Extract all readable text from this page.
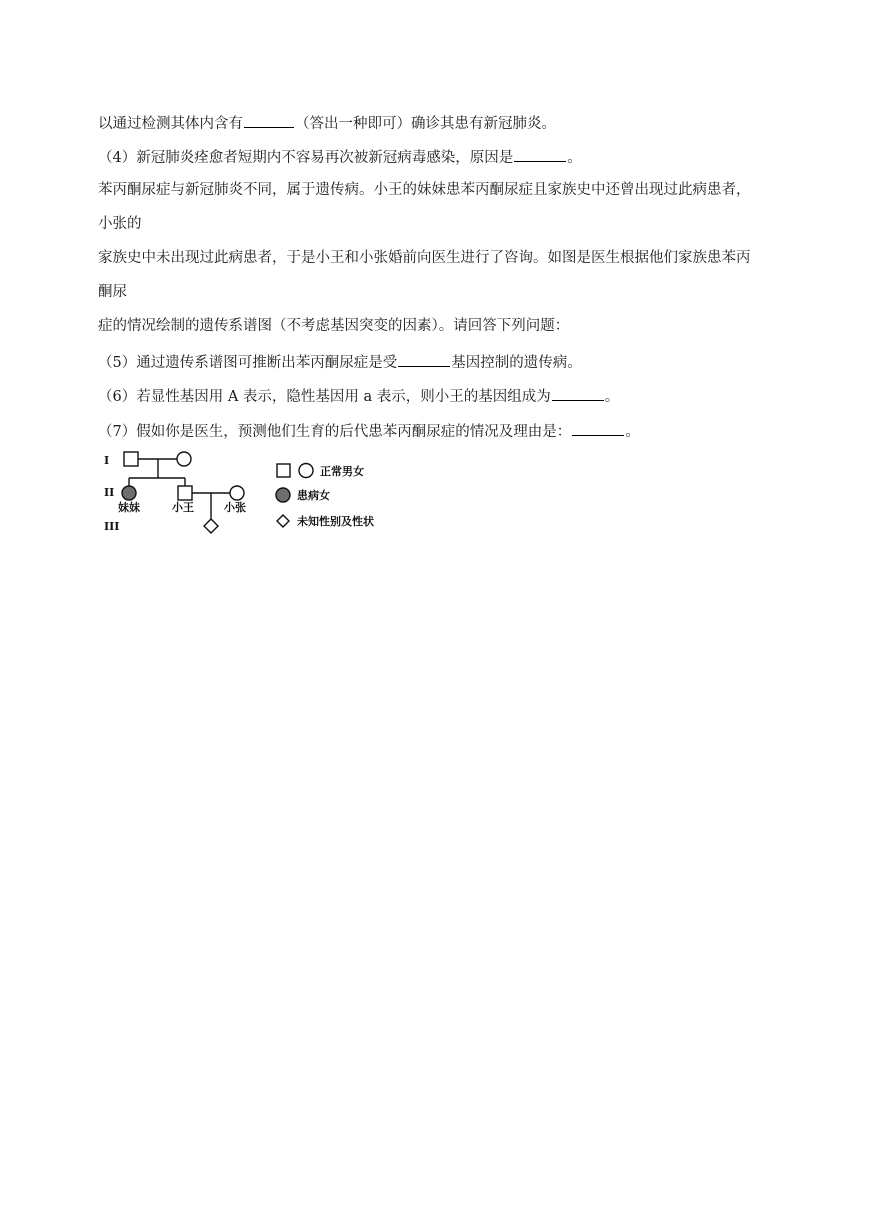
以通过检测其体内含有	（答出一种即可）确诊其患有新冠肺炎。
（4）新冠肺炎痊愈者短期内不容易再次被新冠病毒感染，原因是	。
苯丙酮尿症与新冠肺炎不同，属于遗传病。小王的妹妹患苯丙酮尿症且家族史中还曾出现过此病患者，
小张的
家族史中未出现过此病患者，于是小王和小张婚前向医生进行了咨询。如图是医生根据他们家族患苯丙
酮尿
症的情况绘制的遗传系谱图（不考虑基因突变的因素）。请回答下列问题：
（5）通过遗传系谱图可推断出苯丙酮尿症是受	基因控制的遗传病。
（6）若显性基因用 A 表示，隐性基因用 a 表示，则小王的基因组成为	。
（7）假如你是医生，预测他们生育的后代患苯丙酮尿症的情况及理由是：	。
I
II
III
妹妹	小王	小张
正常男女
患病女
未知性别及性状
